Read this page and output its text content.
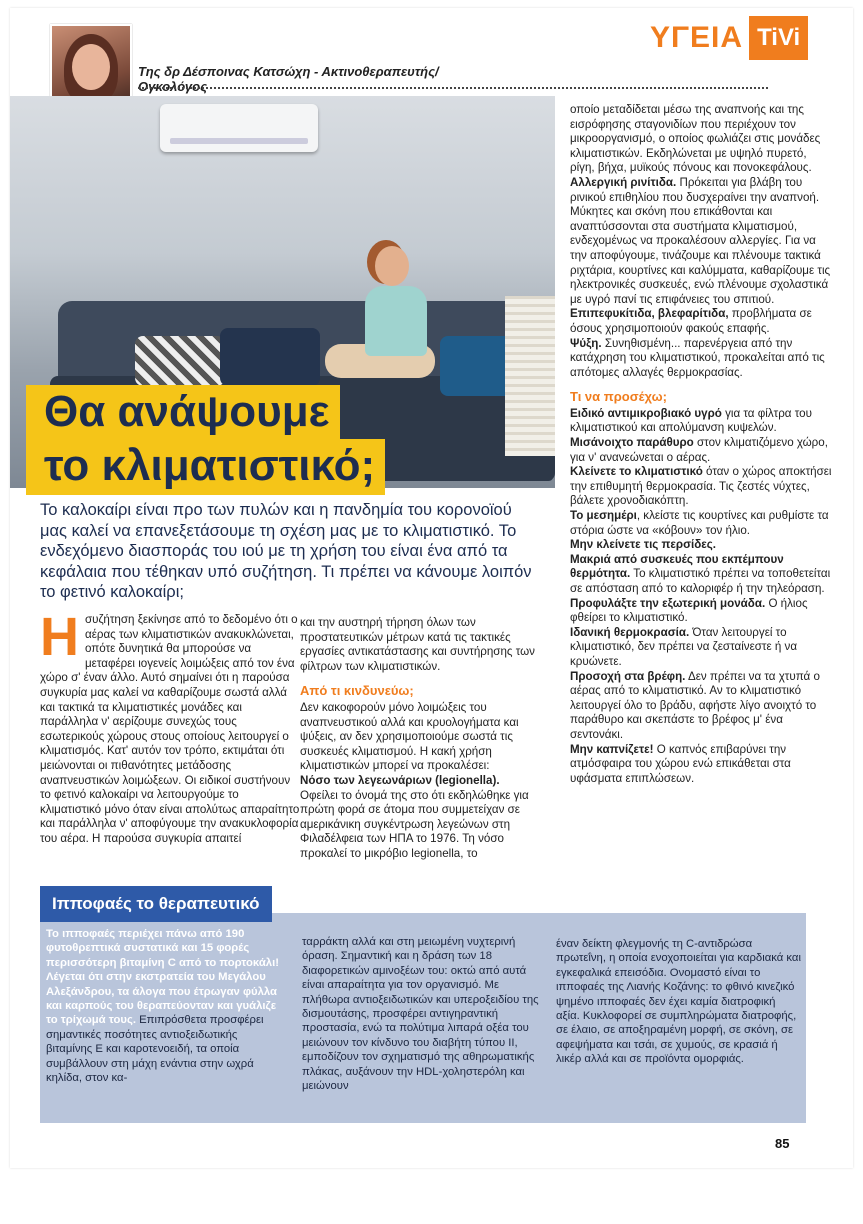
Της δρ Δέσποινας Κατσώχη - Ακτινοθεραπευτής/Ογκολόγος
ΥΓΕΙΑ TiVi
Θα ανάψουμε
το κλιματιστικό;

Το καλοκαίρι είναι προ των πυλών και η πανδημία του κορονοϊού μας καλεί να επανεξετάσουμε τη σχέση μας με το κλιματιστικό. Το ενδεχόμενο διασποράς του ιού με τη χρήση του είναι ένα από τα κεφάλαια που τέθηκαν υπό συζήτηση. Τι πρέπει να κάνουμε λοιπόν το φετινό καλοκαίρι;

Η συζήτηση ξεκίνησε από το δεδομένο ότι ο αέρας των κλιματιστικών ανακυκλώνεται, οπότε δυνητικά θα μπορούσε να μεταφέρει ιογενείς λοιμώξεις από τον ένα χώρο σ' έναν άλλο. Αυτό σημαίνει ότι η παρούσα συγκυρία μας καλεί να καθαρίζουμε σωστά αλλά και τακτικά τα κλιματιστικές μονάδες και παράλληλα ν' αερίζουμε συνεχώς τους εσωτερικούς χώρους στους οποίους λειτουργεί ο κλιματισμός. Κατ' αυτόν τον τρόπο, εκτιμάται ότι μειώνονται οι πιθανότητες μετάδοσης αναπνευστικών λοιμώξεων. Οι ειδικοί συστήνουν το φετινό καλοκαίρι να λειτουργούμε το κλιματιστικό μόνο όταν είναι απολύτως απαραίτητο και παράλληλα ν' αποφύγουμε την ανακυκλοφορία του αέρα. Η παρούσα συγκυρία απαιτεί

και την αυστηρή τήρηση όλων των προστατευτικών μέτρων κατά τις τακτικές εργασίες αντικατάστασης και συντήρησης των φίλτρων των κλιματιστικών.

Από τι κινδυνεύω;

Δεν κακοφορούν μόνο λοιμώξεις του αναπνευστικού αλλά και κρυολογήματα και ψύξεις, αν δεν χρησιμοποιούμε σωστά τις συσκευές κλιματισμού. Η κακή χρήση κλιματιστικών μπορεί να προκαλέσει:

Νόσο των λεγεωνάριων (legionella).
Οφείλει το όνομά της στο ότι εκδηλώθηκε για πρώτη φορά σε άτομα που συμμετείχαν σε αμερικάνικη συγκέντρωση λεγεώνων στη Φιλαδέλφεια των ΗΠΑ το 1976. Τη νόσο προκαλεί το μικρόβιο legionella, το

οποίο μεταδίδεται μέσω της αναπνοής και της εισρόφησης σταγονιδίων που περιέχουν τον μικροοργανισμό, ο οποίος φωλιάζει στις μονάδες κλιματιστικών. Εκδηλώνεται με υψηλό πυρετό, ρίγη, βήχα, μυϊκούς πόνους και πονοκεφάλους.

Αλλεργική ρινίτιδα. Πρόκειται για βλάβη του ρινικού επιθηλίου που δυσχεραίνει την αναπνοή. Μύκητες και σκόνη που επικάθονται και αναπτύσσονται στα συστήματα κλιματισμού, ενδεχομένως να προκαλέσουν αλλεργίες. Για να την αποφύγουμε, τινάζουμε και πλένουμε τακτικά ριχτάρια, κουρτίνες και καλύμματα, καθαρίζουμε τις ηλεκτρονικές συσκευές, ενώ πλένουμε σχολαστικά με υγρό πανί τις επιφάνειες του σπιτιού.

Επιπεφυκίτιδα, βλεφαρίτιδα, προβλήματα σε όσους χρησιμοποιούν φακούς επαφής.

Ψύξη. Συνηθισμένη... παρενέργεια από την κατάχρηση του κλιματιστικού, προκαλείται από τις απότομες αλλαγές θερμοκρασίας.

Τι να προσέχω;

Ειδικό αντιμικροβιακό υγρό για τα φίλτρα του κλιματιστικού και απολύμανση κυψελών.

Μισάνοιχτο παράθυρο στον κλιματιζόμενο χώρο, για ν' ανανεώνεται ο αέρας.

Κλείνετε το κλιματιστικό όταν ο χώρος αποκτήσει την επιθυμητή θερμοκρασία. Τις ζεστές νύχτες, βάλετε χρονοδιακόπτη.

Το μεσημέρι, κλείστε τις κουρτίνες και ρυθμίστε τα στόρια ώστε να «κόβουν» τον ήλιο.

Μην κλείνετε τις περσίδες.

Μακριά από συσκευές που εκπέμπουν θερμότητα. Το κλιματιστικό πρέπει να τοποθετείται σε απόσταση από το καλοριφέρ ή την τηλεόραση.

Προφυλάξτε την εξωτερική μονάδα. Ο ήλιος φθείρει το κλιματιστικό.

Ιδανική θερμοκρασία. Όταν λειτουργεί το κλιματιστικό, δεν πρέπει να ζεσταίνεστε ή να κρυώνετε.

Προσοχή στα βρέφη. Δεν πρέπει να τα χτυπά ο αέρας από το κλιματιστικό. Αν το κλιματιστικό λειτουργεί όλο το βράδυ, αφήστε λίγο ανοιχτό το παράθυρο και σκεπάστε το βρέφος μ' ένα σεντονάκι.

Μην καπνίζετε! Ο καπνός επιβαρύνει την ατμόσφαιρα του χώρου ενώ επικάθεται στα υφάσματα επιπλώσεων.

Το ιπποφαές περιέχει πάνω από 190 φυτοθρεπτικά συστατικά και 15 φορές περισσότερη βιταμίνη C από το πορτοκάλι! Λέγεται ότι στην εκστρατεία του Μεγάλου Αλεξάνδρου, τα άλογα που έτρωγαν φύλλα και καρπούς του θεραπεύονταν και γυάλιζε το τρίχωμά τους. Επιπρόσθετα προσφέρει σημαντικές ποσότητες αντιοξειδωτικής βιταμίνης Ε και καροτενοειδή, τα οποία συμβάλλουν στη μάχη ενάντια στην ωχρά κηλίδα, στον κα-
ταρράκτη αλλά και στη μειωμένη νυχτερινή όραση. Σημαντική και η δράση των 18 διαφορετικών αμινοξέων του: οκτώ από αυτά είναι απαραίτητα για τον οργανισμό. Με πλήθωρα αντιοξειδωτικών και υπεροξειδίου της δισμουτάσης, προσφέρει αντιγηραντική προστασία, ενώ τα πολύτιμα λιπαρά οξέα του μειώνουν τον κίνδυνο του διαβήτη τύπου ΙΙ, εμποδίζουν τον σχηματισμό της αθηρωματικής πλάκας, αυξάνουν την HDL-χοληστερόλη και μειώνουν
έναν δείκτη φλεγμονής τη C-αντιδρώσα πρωτεΐνη, η οποία ενοχοποιείται για καρδιακά και εγκεφαλικά επεισόδια. Ονομαστό είναι το ιπποφαές της Λιανής Κοζάνης: το φθινό κινεζικό ψημένο ιπποφαές δεν έχει καμία διατροφική αξία. Κυκλοφορεί σε συμπληρώματα διατροφής, σε έλαιο, σε αποξηραμένη μορφή, σε σκόνη, σε αφεψήματα και τσάι, σε χυμούς, σε κρασιά ή λικέρ αλλά και σε προϊόντα ομορφιάς.
Ιπποφαές το θεραπευτικό
85
